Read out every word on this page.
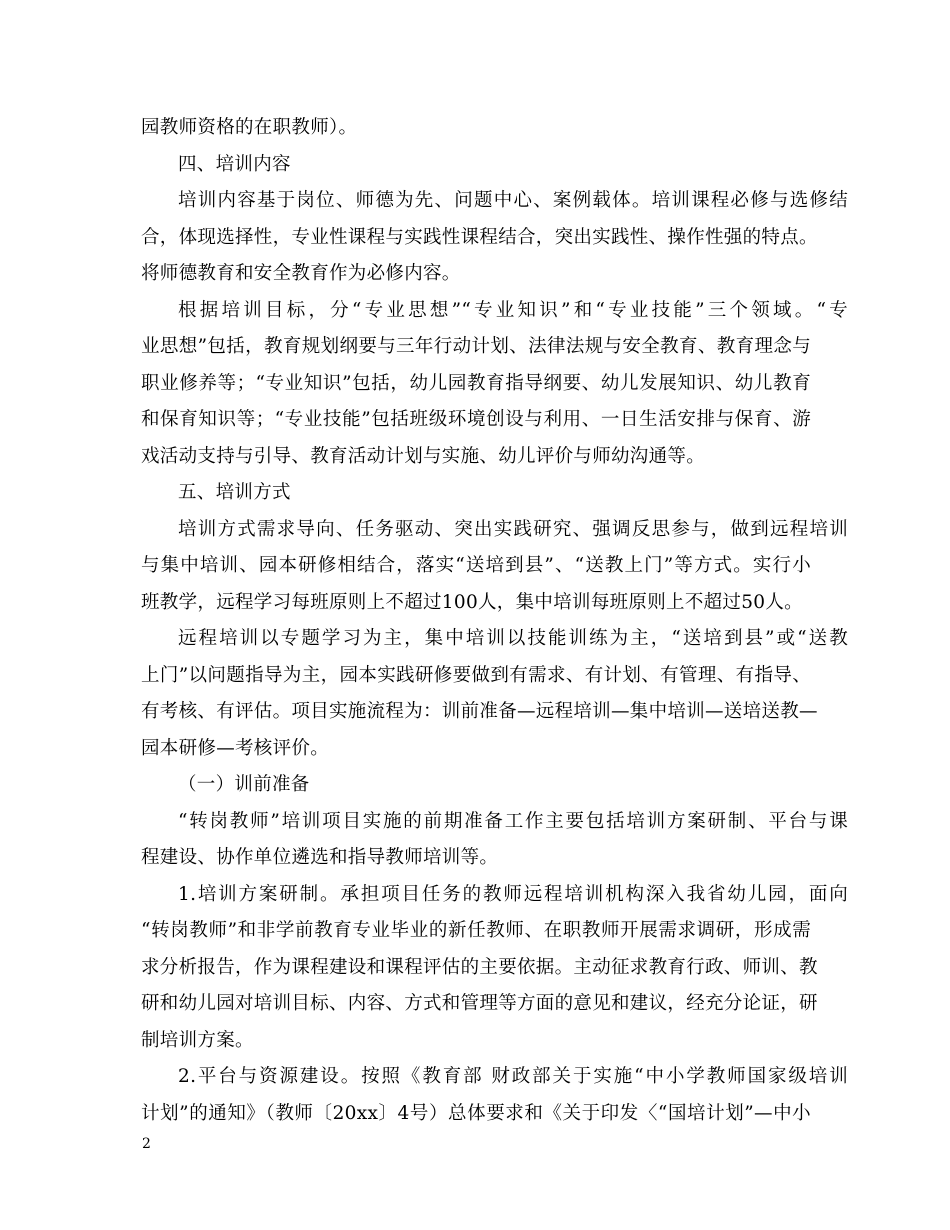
园教师资格的在职教师）。
四、培训内容
培训内容基于岗位、师德为先、问题中心、案例载体。培训课程必修与选修结
合，体现选择性，专业性课程与实践性课程结合，突出实践性、操作性强的特点。
将师德教育和安全教育作为必修内容。
根据培训目标，分“专业思想”“专业知识”和“专业技能”三个领域。“专
业思想”包括，教育规划纲要与三年行动计划、法律法规与安全教育、教育理念与
职业修养等；“专业知识”包括，幼儿园教育指导纲要、幼儿发展知识、幼儿教育
和保育知识等；“专业技能”包括班级环境创设与利用、一日生活安排与保育、游
戏活动支持与引导、教育活动计划与实施、幼儿评价与师幼沟通等。
五、培训方式
培训方式需求导向、任务驱动、突出实践研究、强调反思参与，做到远程培训
与集中培训、园本研修相结合，落实“送培到县”、“送教上门”等方式。实行小
班教学，远程学习每班原则上不超过100人，集中培训每班原则上不超过50人。
远程培训以专题学习为主，集中培训以技能训练为主，“送培到县”或“送教
上门”以问题指导为主，园本实践研修要做到有需求、有计划、有管理、有指导、
有考核、有评估。项目实施流程为：训前准备—远程培训—集中培训—送培送教—
园本研修—考核评价。
（一）训前准备
“转岗教师”培训项目实施的前期准备工作主要包括培训方案研制、平台与课
程建设、协作单位遴选和指导教师培训等。
1.培训方案研制。承担项目任务的教师远程培训机构深入我省幼儿园，面向
“转岗教师”和非学前教育专业毕业的新任教师、在职教师开展需求调研，形成需
求分析报告，作为课程建设和课程评估的主要依据。主动征求教育行政、师训、教
研和幼儿园对培训目标、内容、方式和管理等方面的意见和建议，经充分论证，研
制培训方案。
2.平台与资源建设。按照《教育部 财政部关于实施“中小学教师国家级培训
计划”的通知》（教师〔20xx〕4号）总体要求和《关于印发〈“国培计划”—中小
2
